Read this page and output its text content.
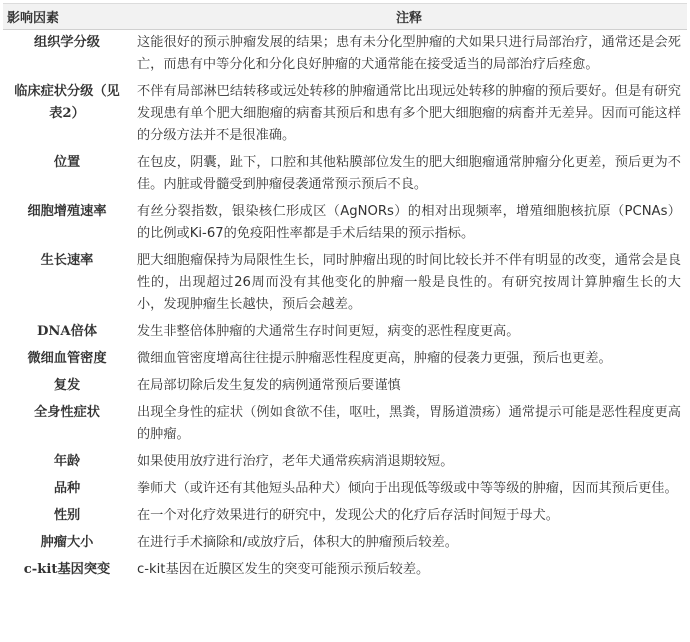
影响因素	注释
组织学分级	这能很好的预示肿瘤发展的结果；患有未分化型肿瘤的犬如果只进行局部治疗，通常还是会死亡，而患有中等分化和分化良好肿瘤的犬通常能在接受适当的局部治疗后痊愈。
临床症状分级（见表2）	不伴有局部淋巴结转移或远处转移的肿瘤通常比出现远处转移的肿瘤的预后要好。但是有研究发现患有单个肥大细胞瘤的病畜其预后和患有多个肥大细胞瘤的病畜并无差异。因而可能这样的分级方法并不是很准确。
位置	在包皮，阴囊，趾下，口腔和其他粘膜部位发生的肥大细胞瘤通常肿瘤分化更差，预后更为不佳。内脏或骨髓受到肿瘤侵袭通常预示预后不良。
细胞增殖速率	有丝分裂指数，银染核仁形成区（AgNORs）的相对出现频率，增殖细胞核抗原（PCNAs）的比例或Ki-67的免疫阳性率都是手术后结果的预示指标。
生长速率	肥大细胞瘤保持为局限性生长，同时肿瘤出现的时间比较长并不伴有明显的改变，通常会是良性的，出现超过26周而没有其他变化的肿瘤一般是良性的。有研究按周计算肿瘤生长的大小，发现肿瘤生长越快，预后会越差。
DNA倍体	发生非整倍体肿瘤的犬通常生存时间更短，病变的恶性程度更高。
微细血管密度	微细血管密度增高往往提示肿瘤恶性程度更高，肿瘤的侵袭力更强，预后也更差。
复发	在局部切除后发生复发的病例通常预后要谨慎
全身性症状	出现全身性的症状（例如食欲不佳，呕吐，黑粪，胃肠道溃疡）通常提示可能是恶性程度更高的肿瘤。
年龄	如果使用放疗进行治疗，老年犬通常疾病消退期较短。
品种	拳师犬（或许还有其他短头品种犬）倾向于出现低等级或中等等级的肿瘤，因而其预后更佳。
性别	在一个对化疗效果进行的研究中，发现公犬的化疗后存活时间短于母犬。
肿瘤大小	在进行手术摘除和/或放疗后，体积大的肿瘤预后较差。
c-kit基因突变	c-kit基因在近膜区发生的突变可能预示预后较差。
